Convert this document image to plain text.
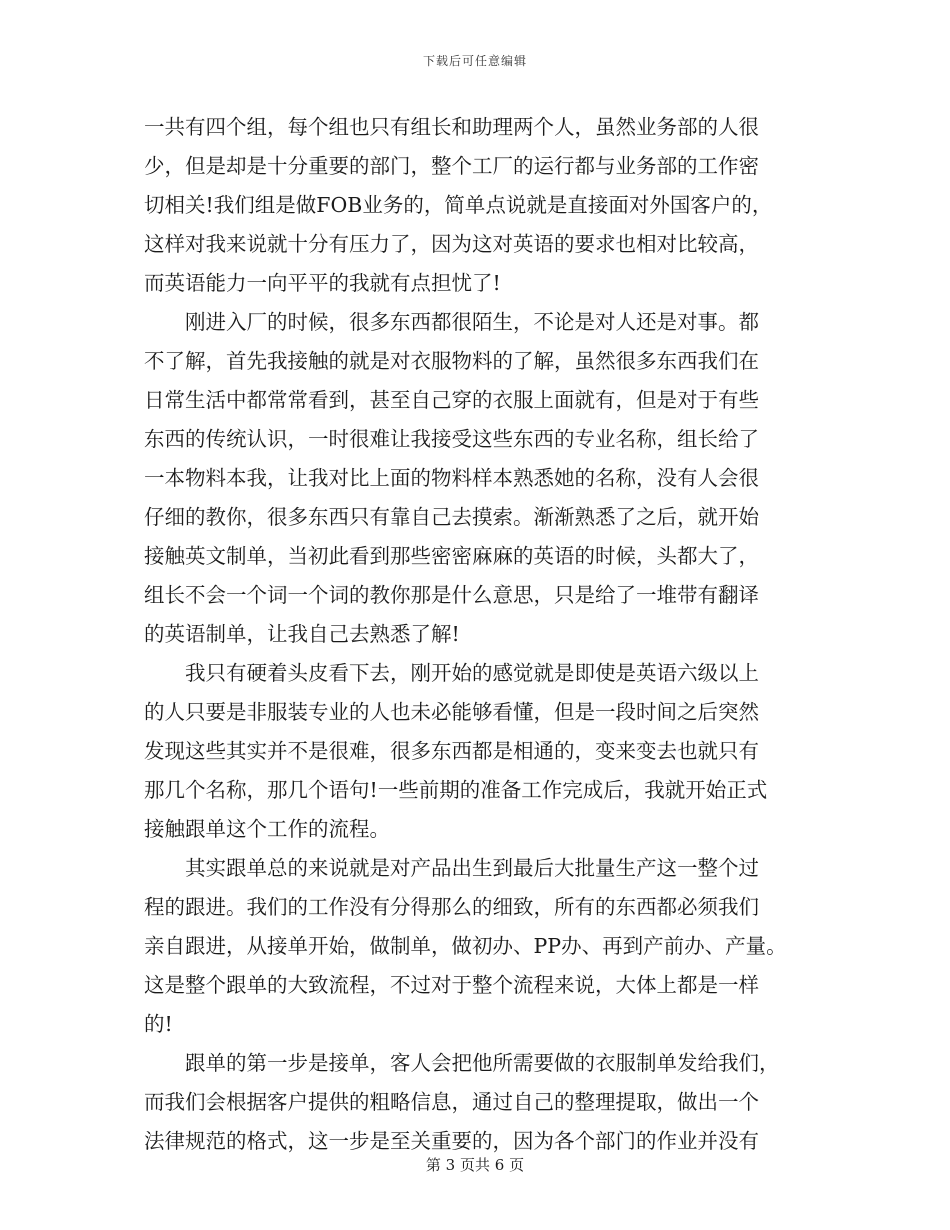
下载后可任意编辑
一共有四个组，每个组也只有组长和助理两个人，虽然业务部的人很
少，但是却是十分重要的部门，整个工厂的运行都与业务部的工作密
切相关!我们组是做FOB业务的，简单点说就是直接面对外国客户的，
这样对我来说就十分有压力了，因为这对英语的要求也相对比较高，
而英语能力一向平平的我就有点担忧了!
刚进入厂的时候，很多东西都很陌生，不论是对人还是对事。都
不了解，首先我接触的就是对衣服物料的了解，虽然很多东西我们在
日常生活中都常常看到，甚至自己穿的衣服上面就有，但是对于有些
东西的传统认识，一时很难让我接受这些东西的专业名称，组长给了
一本物料本我，让我对比上面的物料样本熟悉她的名称，没有人会很
仔细的教你，很多东西只有靠自己去摸索。渐渐熟悉了之后，就开始
接触英文制单，当初此看到那些密密麻麻的英语的时候，头都大了，
组长不会一个词一个词的教你那是什么意思，只是给了一堆带有翻译
的英语制单，让我自己去熟悉了解!
我只有硬着头皮看下去，刚开始的感觉就是即使是英语六级以上
的人只要是非服装专业的人也未必能够看懂，但是一段时间之后突然
发现这些其实并不是很难，很多东西都是相通的，变来变去也就只有
那几个名称，那几个语句!一些前期的准备工作完成后，我就开始正式
接触跟单这个工作的流程。
其实跟单总的来说就是对产品出生到最后大批量生产这一整个过
程的跟进。我们的工作没有分得那么的细致，所有的东西都必须我们
亲自跟进，从接单开始，做制单，做初办、PP办、再到产前办、产量。
这是整个跟单的大致流程，不过对于整个流程来说，大体上都是一样
的!
跟单的第一步是接单，客人会把他所需要做的衣服制单发给我们，
而我们会根据客户提供的粗略信息，通过自己的整理提取，做出一个
法律规范的格式，这一步是至关重要的，因为各个部门的作业并没有
第 3 页共 6 页
